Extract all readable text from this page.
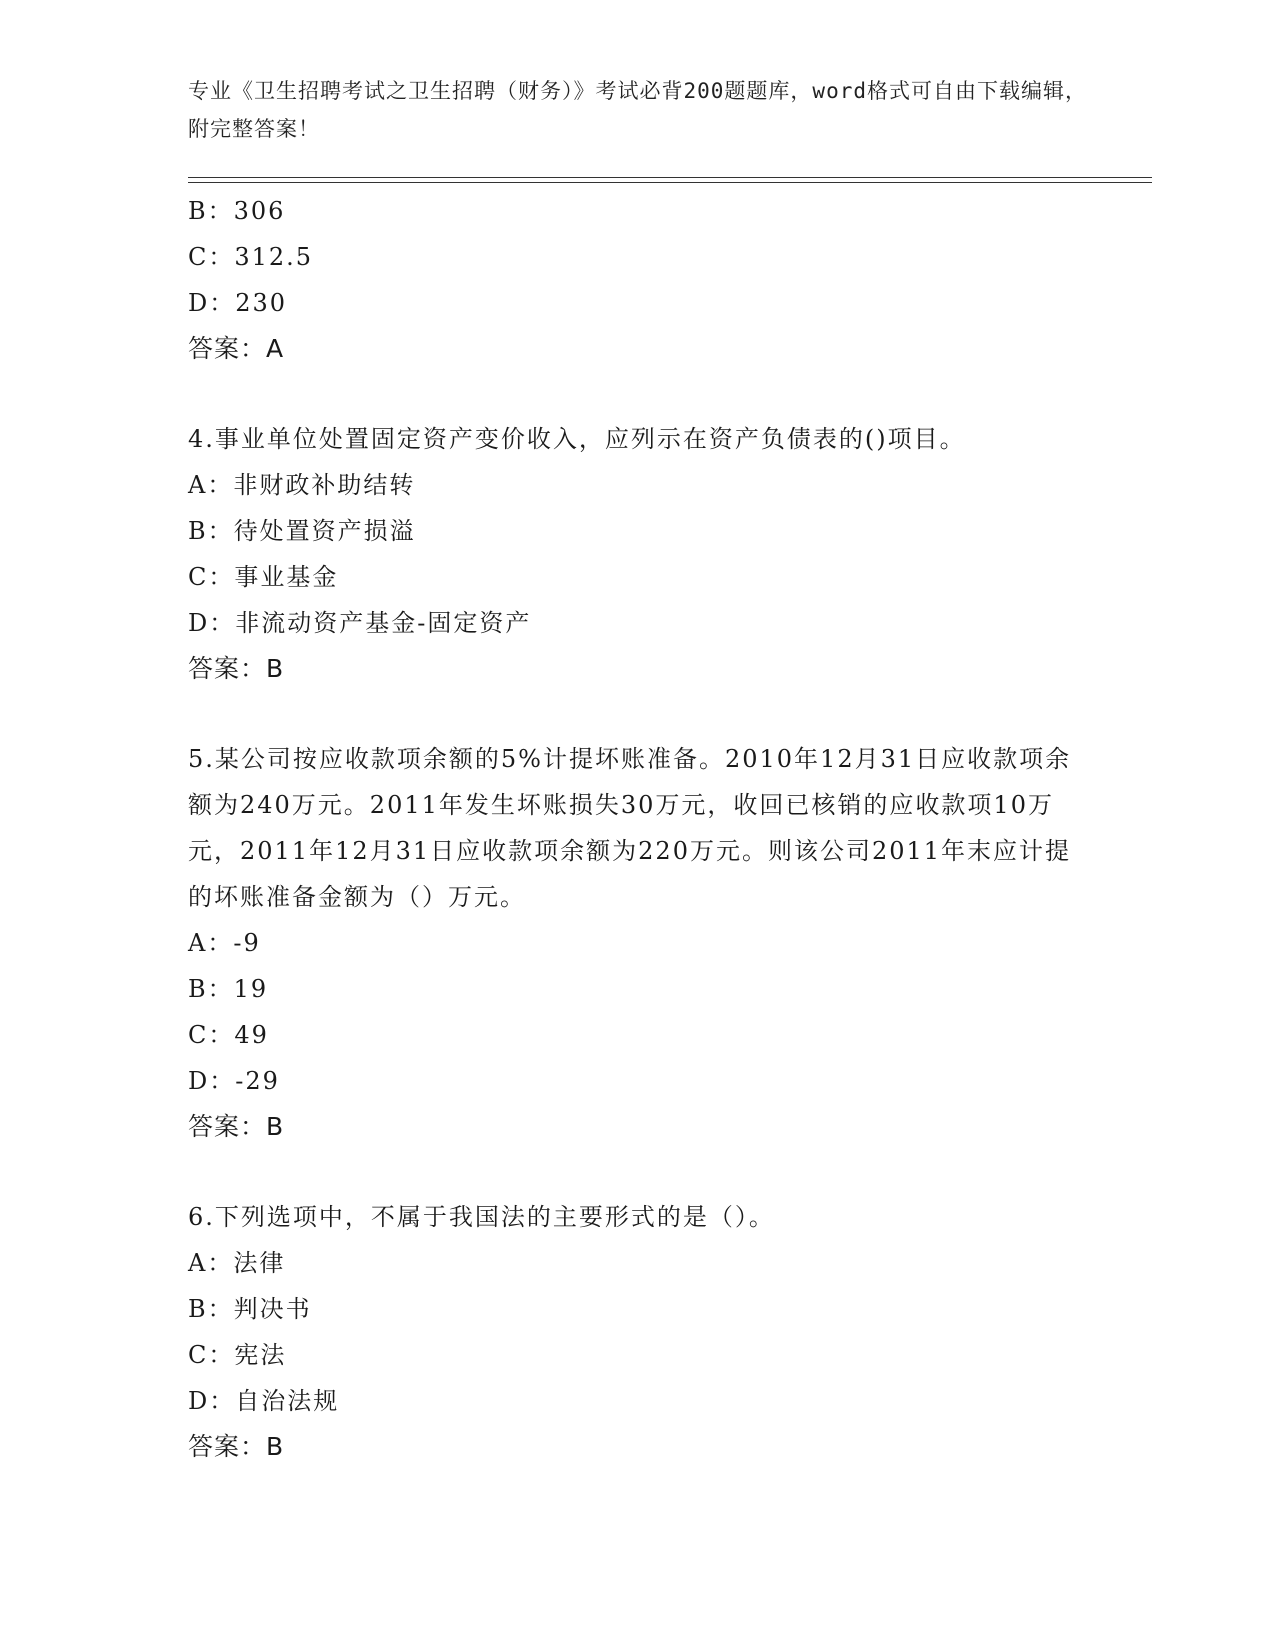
专业《卫生招聘考试之卫生招聘（财务）》考试必背200题题库，word格式可自由下载编辑，附完整答案！
B：306
C：312.5
D：230
答案：A
4.事业单位处置固定资产变价收入，应列示在资产负债表的()项目。
A：非财政补助结转
B：待处置资产损溢
C：事业基金
D：非流动资产基金-固定资产
答案：B
5.某公司按应收款项余额的5%计提坏账准备。2010年12月31日应收款项余额为240万元。2011年发生坏账损失30万元，收回已核销的应收款项10万元，2011年12月31日应收款项余额为220万元。则该公司2011年末应计提的坏账准备金额为（）万元。
A：-9
B：19
C：49
D：-29
答案：B
6.下列选项中，不属于我国法的主要形式的是（）。
A：法律
B：判决书
C：宪法
D：自治法规
答案：B
